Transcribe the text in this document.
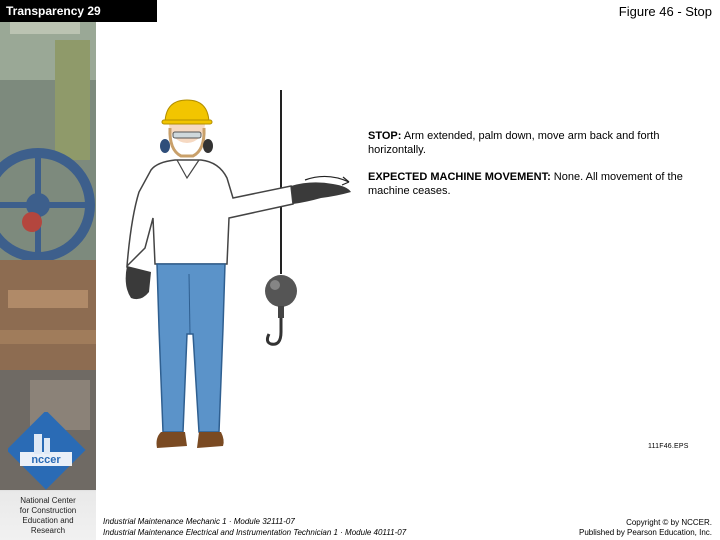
Transparency 29	Figure 46 - Stop
nccer
National Center
for Construction
Education and
Research

STOP: Arm extended, palm down, move arm back and forth horizontally.

EXPECTED MACHINE MOVEMENT: None. All movement of the machine ceases.

111F46.EPS
Industrial Maintenance Mechanic 1 · Module 32111-07
Industrial Maintenance Electrical and Instrumentation Technician 1 · Module 40111-07
Copyright © by NCCER.
Published by Pearson Education, Inc.
